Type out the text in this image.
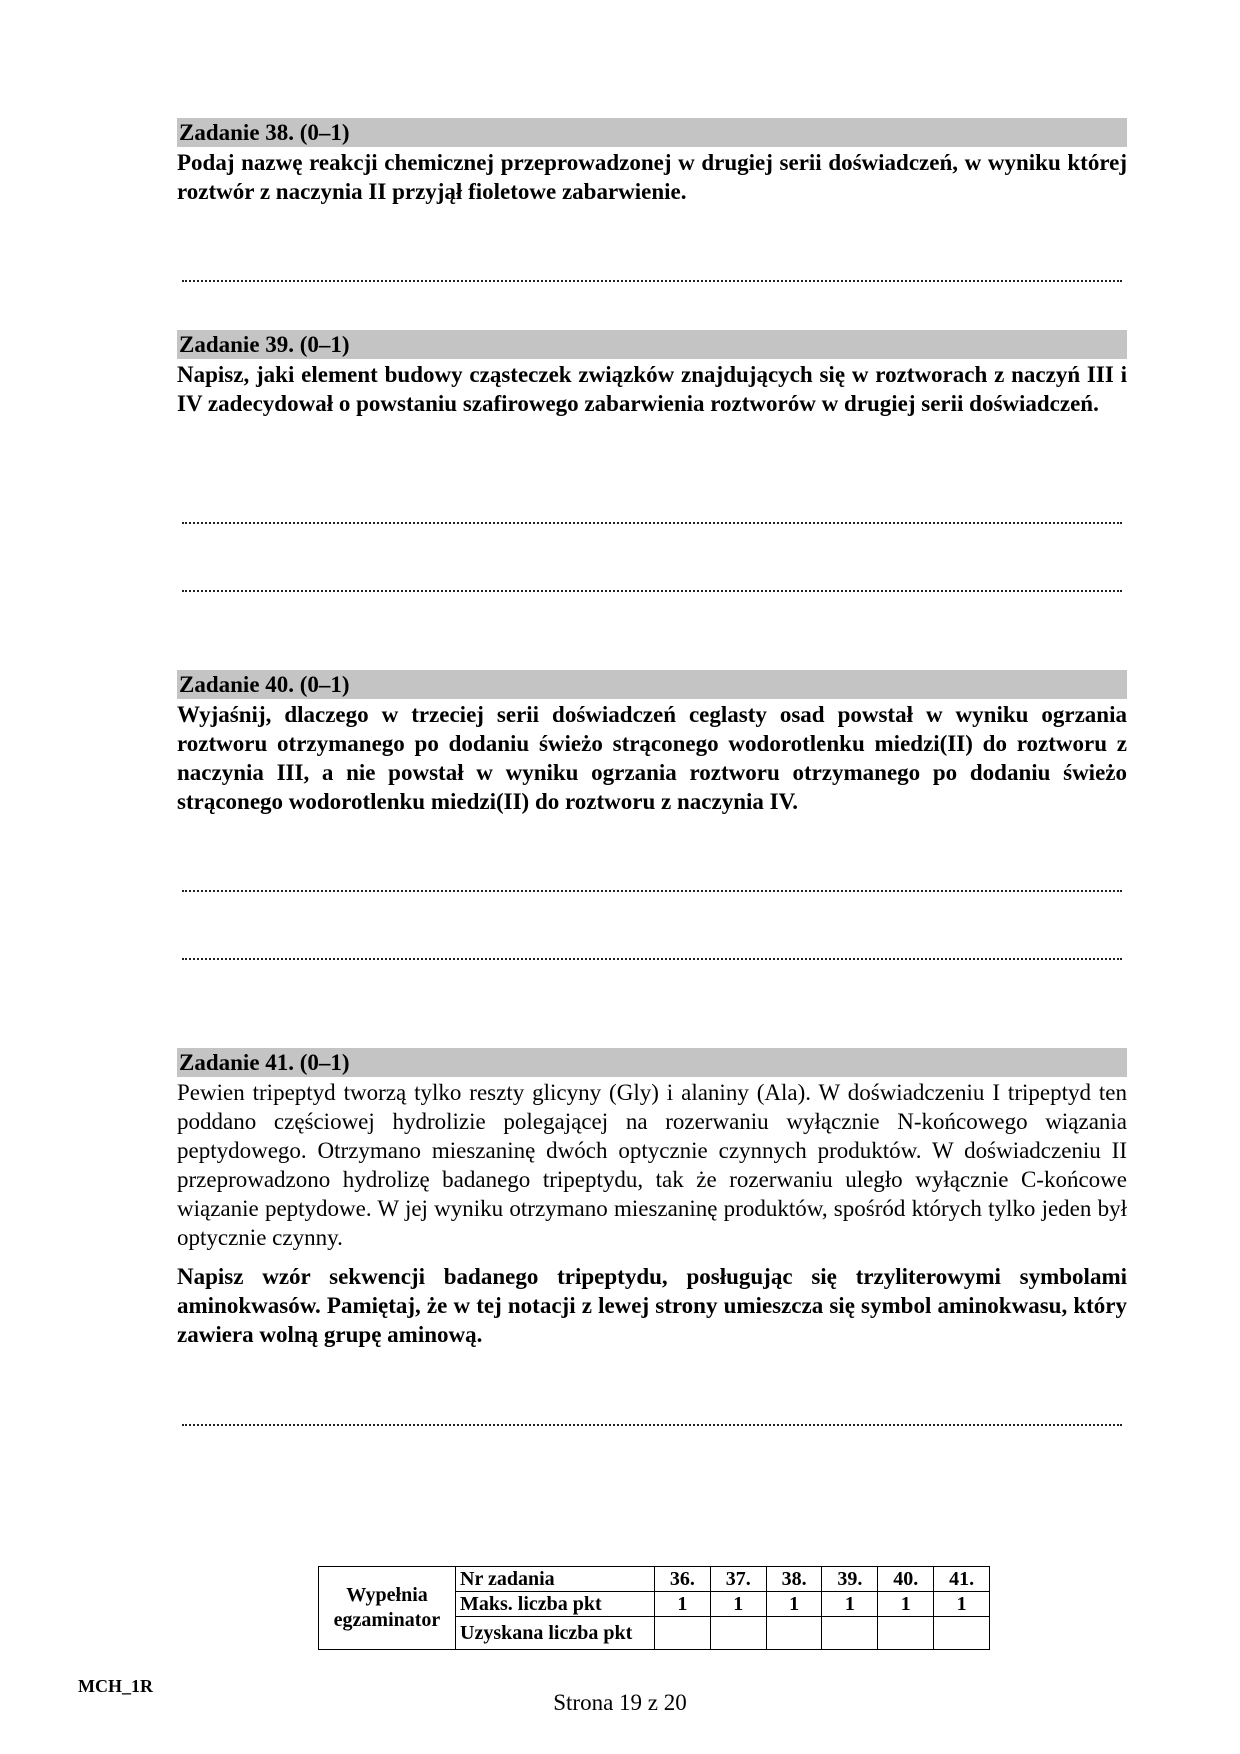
Zadanie 38. (0–1)

Podaj nazwę reakcji chemicznej przeprowadzonej w drugiej serii doświadczeń, w wyniku której roztwór z naczynia II przyjął fioletowe zabarwienie.

Zadanie 39. (0–1)

Napisz, jaki element budowy cząsteczek związków znajdujących się w roztworach z naczyń III i IV zadecydował o powstaniu szafirowego zabarwienia roztworów w drugiej serii doświadczeń.

Zadanie 40. (0–1)

Wyjaśnij, dlaczego w trzeciej serii doświadczeń ceglasty osad powstał w wyniku ogrzania roztworu otrzymanego po dodaniu świeżo strąconego wodorotlenku miedzi(II) do roztworu z naczynia III, a nie powstał w wyniku ogrzania roztworu otrzymanego po dodaniu świeżo strąconego wodorotlenku miedzi(II) do roztworu z naczynia IV.

Zadanie 41. (0–1)

Pewien tripeptyd tworzą tylko reszty glicyny (Gly) i alaniny (Ala). W doświadczeniu I tripeptyd ten poddano częściowej hydrolizie polegającej na rozerwaniu wyłącznie N-końcowego wiązania peptydowego. Otrzymano mieszaninę dwóch optycznie czynnych produktów. W doświadczeniu II przeprowadzono hydrolizę badanego tripeptydu, tak że rozerwaniu uległo wyłącznie C-końcowe wiązanie peptydowe. W jej wyniku otrzymano mieszaninę produktów, spośród których tylko jeden był optycznie czynny.

Napisz wzór sekwencji badanego tripeptydu, posługując się trzyliterowymi symbolami aminokwasów. Pamiętaj, że w tej notacji z lewej strony umieszcza się symbol aminokwasu, który zawiera wolną grupę aminową.

Wypełnia egzaminator	Nr zadania	36.	37.	38.	39.	40.	41.
	Maks. liczba pkt	1	1	1	1	1	1
	Uzyskana liczba pkt						
MCH_1R
Strona 19 z 20
